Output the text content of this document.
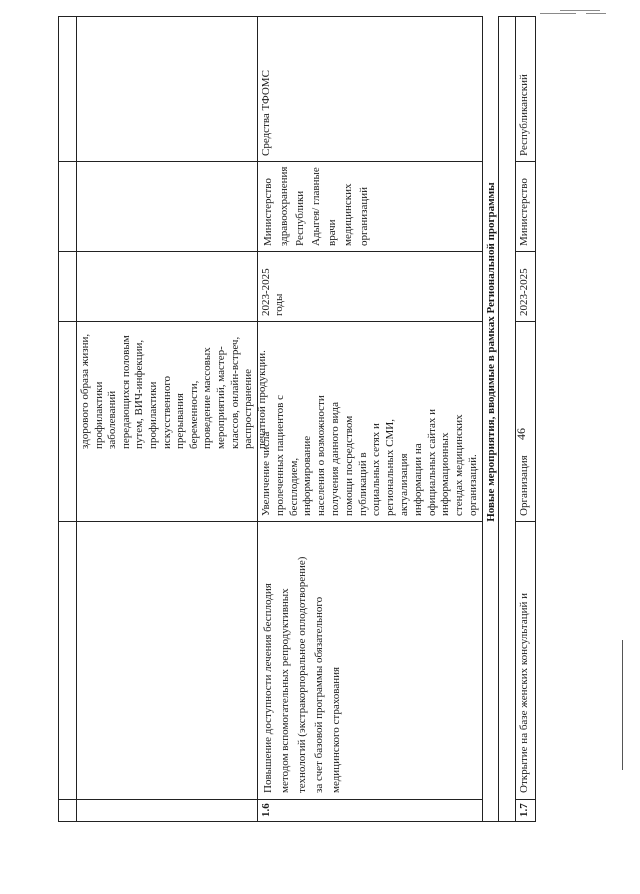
здорового образа жизни,
профилактики
заболеваний
передающихся половым
путем, ВИЧ-инфекции,
профилактики
искусственного
прерывания
беременности,
проведение массовых
мероприятий, мастер-
классов, онлайн-встреч,
распространение
печатной продукции.
1.6
Повышение доступности лечения бесплодия
методом вспомогательных репродуктивных
технологий (экстракорпоральное оплодотворение)
за счет базовой программы обязательного
медицинского страхования
Увеличение числа
пролеченных пациентов с
бесплодием,
информирование
населения о возможности
получения данного вида
помощи посредством
публикаций в
социальных сетях и
региональных СМИ,
актуализация
информации на
официальных сайтах и
информационных
стендах медицинских
организаций.
2023-2025
годы
Министерство
здравоохранения
Республики
Адыгея/ главные
врачи
медицинских
организаций
Средства ТФОМС
Новые мероприятия, вводимые в рамках Региональной программы
1.7
Открытие на базе женских консультаций и
Организация
2023-2025
Министерство
Республиканский
46
